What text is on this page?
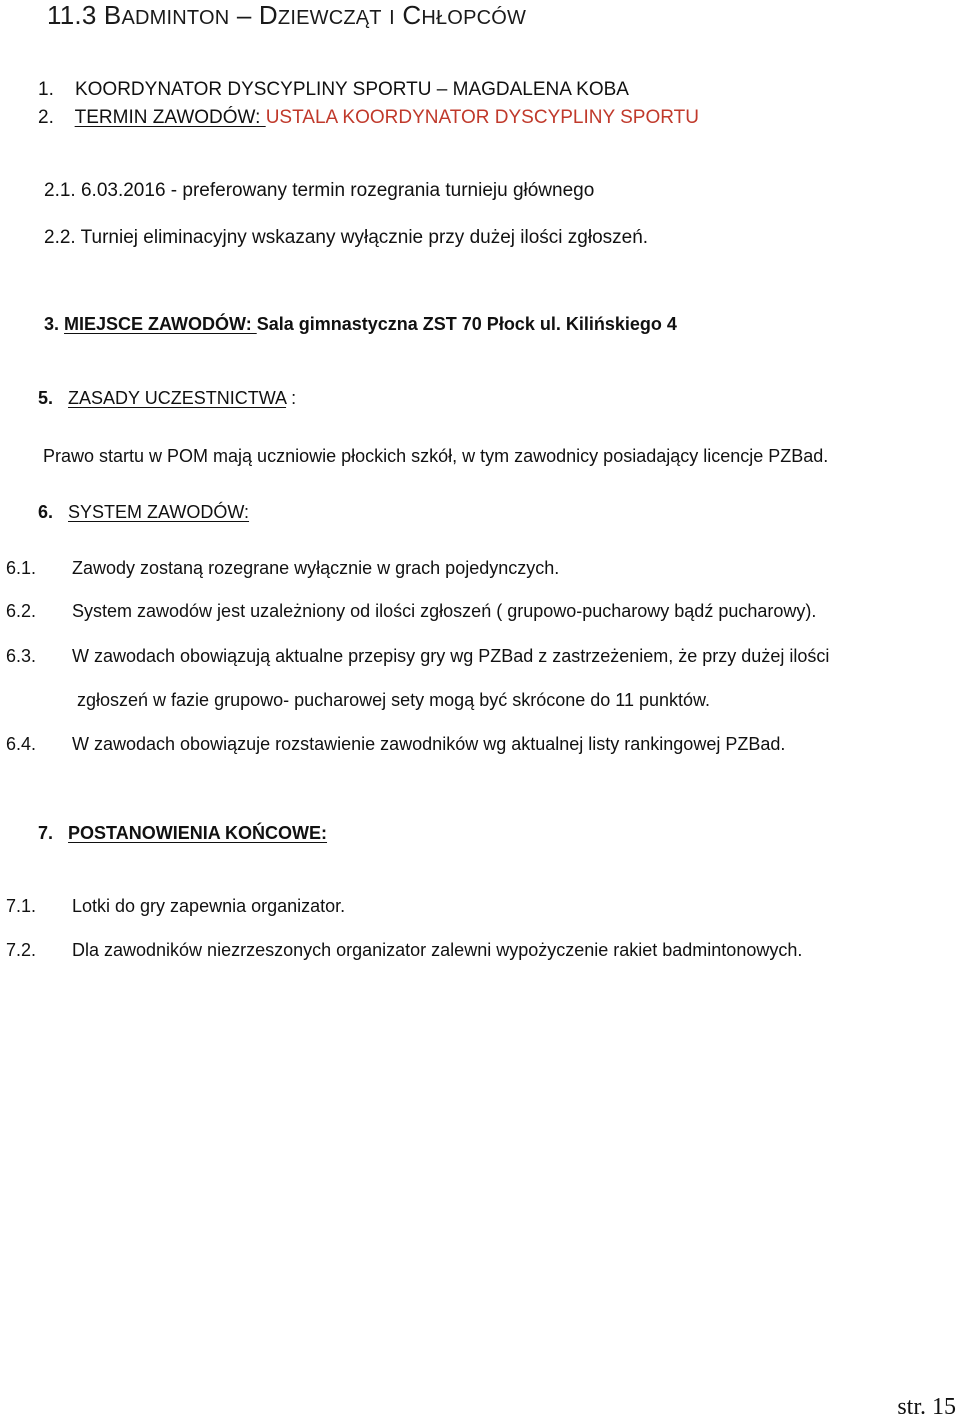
11.3 BADMINTON – DZIEWCZĄT I CHŁOPCÓW
1. KOORDYNATOR DYSCYPLINY SPORTU – MAGDALENA KOBA
2. TERMIN ZAWODÓW: USTALA KOORDYNATOR DYSCYPLINY SPORTU
2.1. 6.03.2016 - preferowany termin rozegrania turnieju głównego
2.2. Turniej eliminacyjny wskazany wyłącznie przy dużej ilości zgłoszeń.
3. MIEJSCE ZAWODÓW: Sala gimnastyczna ZST 70 Płock ul. Kilińskiego 4
5. ZASADY UCZESTNICTWA :
Prawo startu w POM mają uczniowie płockich szkół, w tym zawodnicy posiadający licencje PZBad.
6. SYSTEM ZAWODÓW:
6.1. Zawody zostaną rozegrane wyłącznie w grach pojedynczych.
6.2. System zawodów jest uzależniony od ilości zgłoszeń ( grupowo-pucharowy bądź pucharowy).
6.3. W zawodach obowiązują aktualne przepisy gry wg PZBad z zastrzeżeniem, że przy dużej ilości
zgłoszeń w fazie grupowo- pucharowej sety mogą być skrócone do 11 punktów.
6.4. W zawodach obowiązuje rozstawienie zawodników wg aktualnej listy rankingowej PZBad.
7. POSTANOWIENIA KOŃCOWE:
7.1. Lotki do gry zapewnia organizator.
7.2. Dla zawodników niezrzeszonych organizator zalewni wypożyczenie rakiet badmintonowych.
str. 15
